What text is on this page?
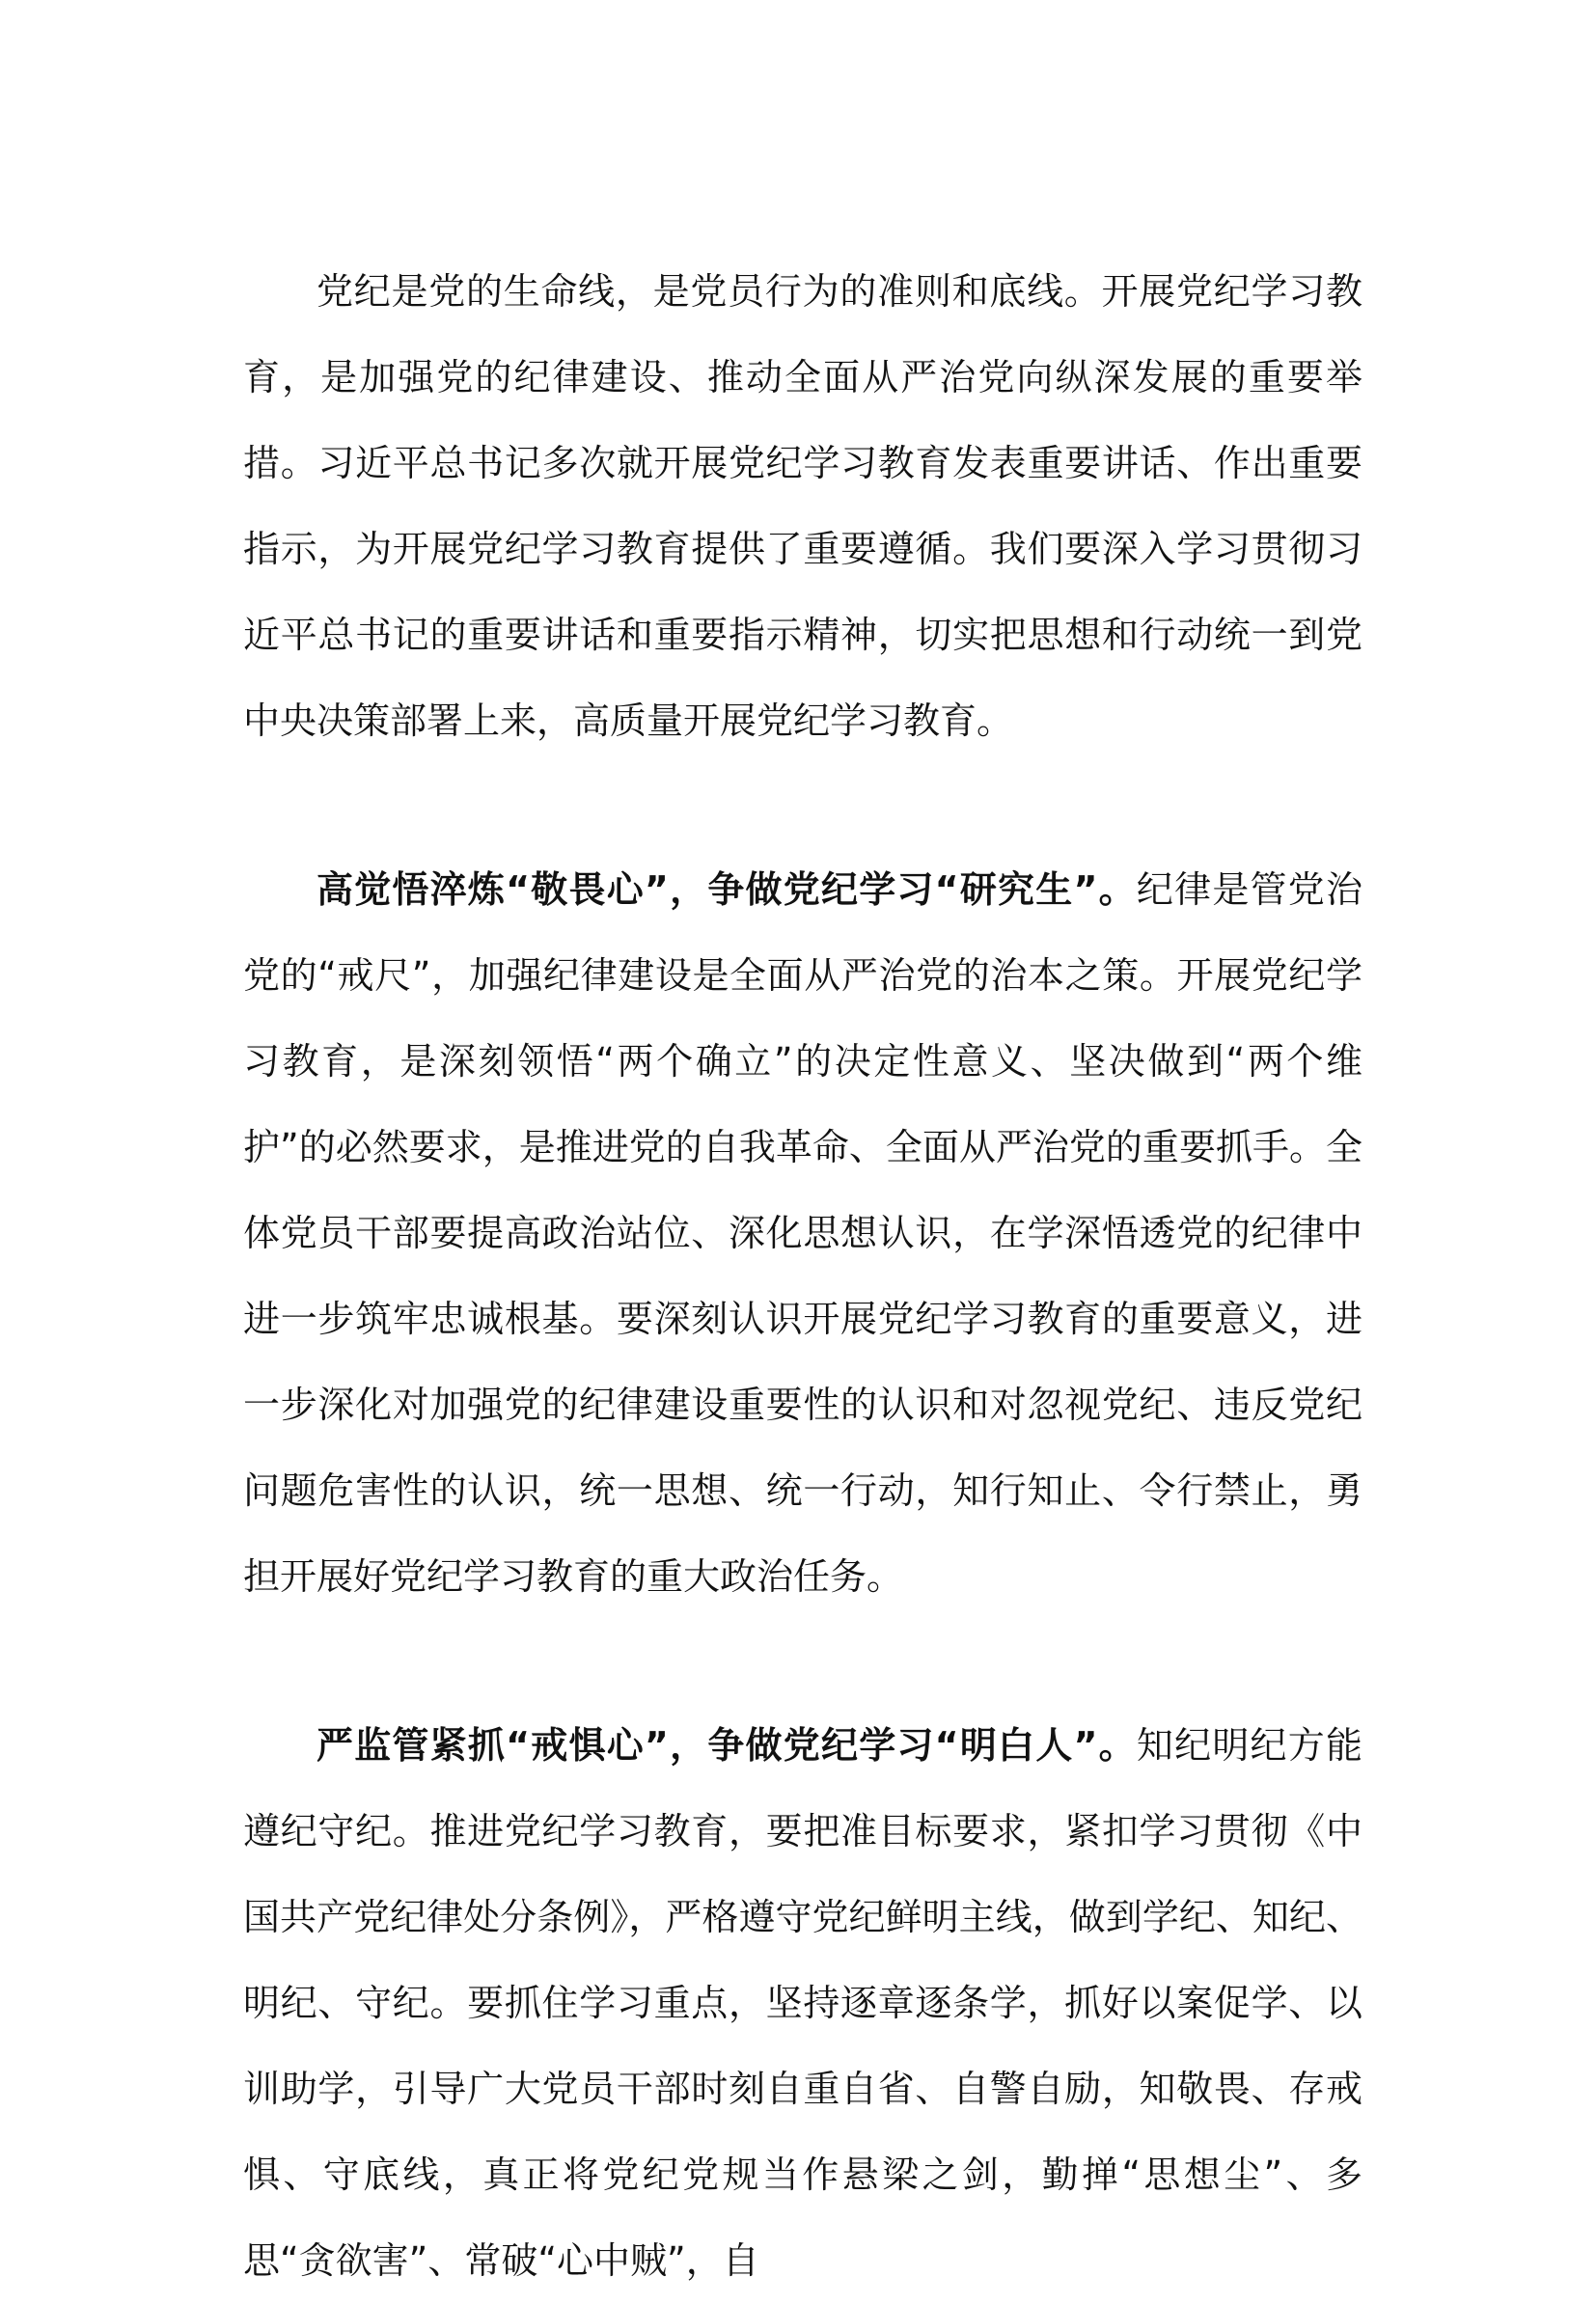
党纪是党的生命线，是党员行为的准则和底线。开展党纪学习教育，是加强党的纪律建设、推动全面从严治党向纵深发展的重要举措。习近平总书记多次就开展党纪学习教育发表重要讲话、作出重要指示，为开展党纪学习教育提供了重要遵循。我们要深入学习贯彻习近平总书记的重要讲话和重要指示精神，切实把思想和行动统一到党中央决策部署上来，高质量开展党纪学习教育。

高觉悟淬炼“敬畏心”，争做党纪学习“研究生”。纪律是管党治党的“戒尺”，加强纪律建设是全面从严治党的治本之策。开展党纪学习教育，是深刻领悟“两个确立”的决定性意义、坚决做到“两个维护”的必然要求，是推进党的自我革命、全面从严治党的重要抓手。全体党员干部要提高政治站位、深化思想认识，在学深悟透党的纪律中进一步筑牢忠诚根基。要深刻认识开展党纪学习教育的重要意义，进一步深化对加强党的纪律建设重要性的认识和对忽视党纪、违反党纪问题危害性的认识，统一思想、统一行动，知行知止、令行禁止，勇担开展好党纪学习教育的重大政治任务。

严监管紧抓“戒惧心”，争做党纪学习“明白人”。知纪明纪方能遵纪守纪。推进党纪学习教育，要把准目标要求，紧扣学习贯彻《中国共产党纪律处分条例》，严格遵守党纪鲜明主线，做到学纪、知纪、明纪、守纪。要抓住学习重点，坚持逐章逐条学，抓好以案促学、以训助学，引导广大党员干部时刻自重自省、自警自励，知敬畏、存戒惧、守底线，真正将党纪党规当作悬梁之剑，勤掸“思想尘”、多思“贪欲害”、常破“心中贼”，自
